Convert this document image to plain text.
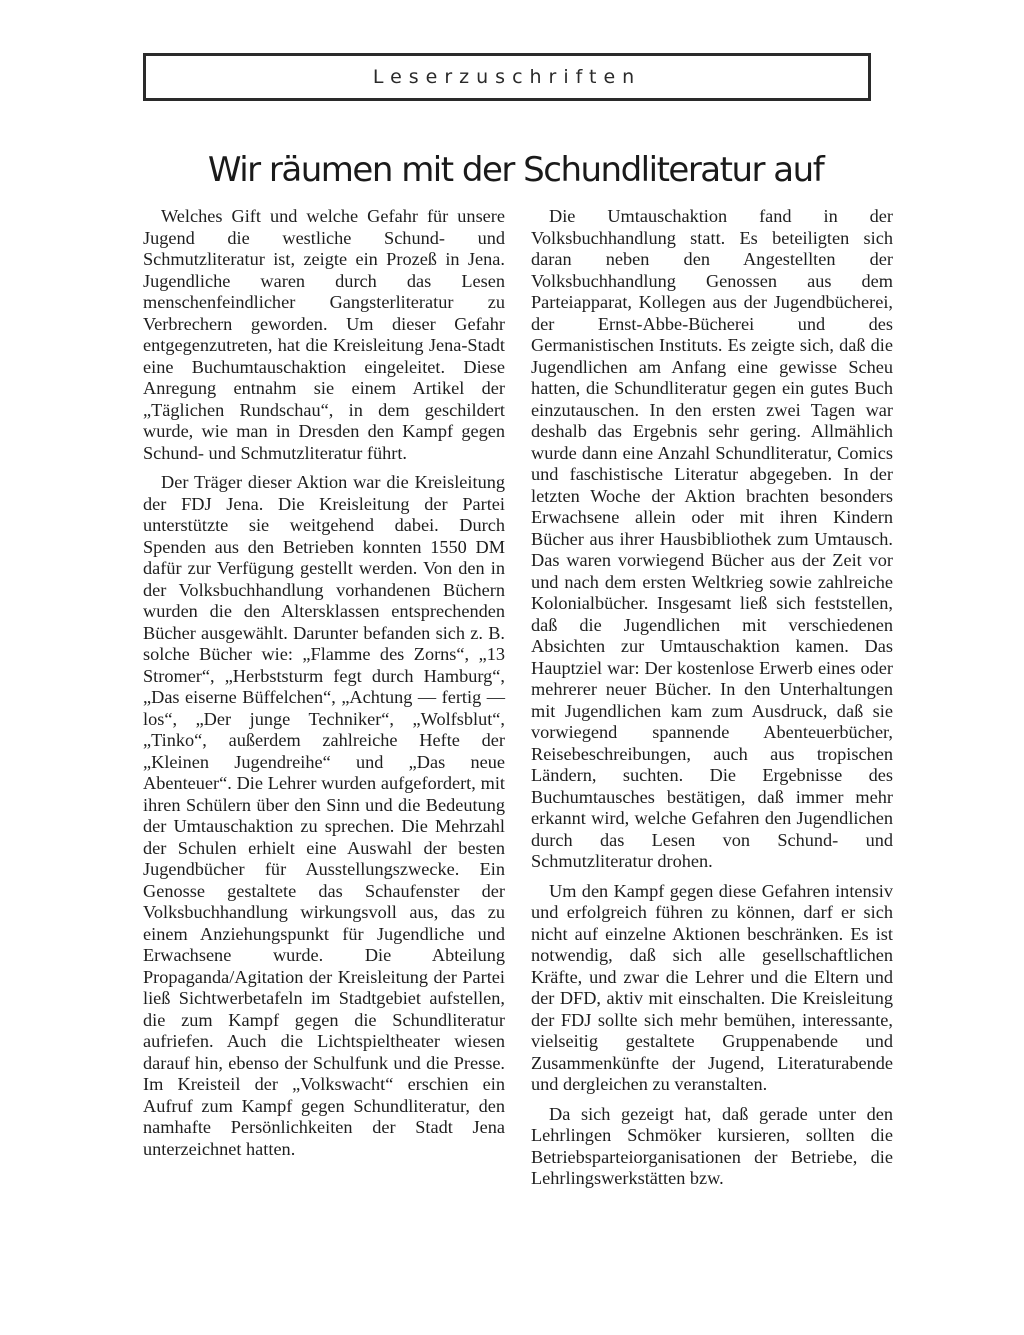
Leserzuschriften
Wir räumen mit der Schundliteratur auf

Welches Gift und welche Gefahr für unsere Jugend die westliche Schund- und Schmutzliteratur ist, zeigte ein Prozeß in Jena. Jugendliche waren durch das Lesen menschenfeindlicher Gangsterliteratur zu Verbrechern geworden. Um dieser Gefahr entgegenzutreten, hat die Kreisleitung Jena-Stadt eine Buchumtauschaktion eingeleitet. Diese Anregung entnahm sie einem Artikel der „Täglichen Rundschau“, in dem geschildert wurde, wie man in Dresden den Kampf gegen Schund- und Schmutzliteratur führt.

Der Träger dieser Aktion war die Kreisleitung der FDJ Jena. Die Kreisleitung der Partei unterstützte sie weitgehend dabei. Durch Spenden aus den Betrieben konnten 1550 DM dafür zur Verfügung gestellt werden. Von den in der Volksbuchhandlung vorhandenen Büchern wurden die den Altersklassen entsprechenden Bücher ausgewählt. Darunter befanden sich z. B. solche Bücher wie: „Flamme des Zorns“, „13 Stromer“, „Herbststurm fegt durch Hamburg“, „Das eiserne Büffelchen“, „Achtung — fertig — los“, „Der junge Techniker“, „Wolfsblut“, „Tinko“, außerdem zahlreiche Hefte der „Kleinen Jugendreihe“ und „Das neue Abenteuer“. Die Lehrer wurden aufgefordert, mit ihren Schülern über den Sinn und die Bedeutung der Umtauschaktion zu sprechen. Die Mehrzahl der Schulen erhielt eine Auswahl der besten Jugendbücher für Ausstellungszwecke. Ein Genosse gestaltete das Schaufenster der Volksbuchhandlung wirkungsvoll aus, das zu einem Anziehungspunkt für Jugendliche und Erwachsene wurde. Die Abteilung Propaganda/Agitation der Kreisleitung der Partei ließ Sichtwerbetafeln im Stadtgebiet aufstellen, die zum Kampf gegen die Schundliteratur aufriefen. Auch die Lichtspieltheater wiesen darauf hin, ebenso der Schulfunk und die Presse. Im Kreisteil der „Volkswacht“ erschien ein Aufruf zum Kampf gegen Schundliteratur, den namhafte Persönlichkeiten der Stadt Jena unterzeichnet hatten.

Die Umtauschaktion fand in der Volksbuchhandlung statt. Es beteiligten sich daran neben den Angestellten der Volksbuchhandlung Genossen aus dem Parteiapparat, Kollegen aus der Jugendbücherei, der Ernst-Abbe-Bücherei und des Germanistischen Instituts. Es zeigte sich, daß die Jugendlichen am Anfang eine gewisse Scheu hatten, die Schundliteratur gegen ein gutes Buch einzutauschen. In den ersten zwei Tagen war deshalb das Ergebnis sehr gering. Allmählich wurde dann eine Anzahl Schundliteratur, Comics und faschistische Literatur abgegeben. In der letzten Woche der Aktion brachten besonders Erwachsene allein oder mit ihren Kindern Bücher aus ihrer Hausbibliothek zum Umtausch. Das waren vorwiegend Bücher aus der Zeit vor und nach dem ersten Weltkrieg sowie zahlreiche Kolonialbücher. Insgesamt ließ sich feststellen, daß die Jugendlichen mit verschiedenen Absichten zur Umtauschaktion kamen. Das Hauptziel war: Der kostenlose Erwerb eines oder mehrerer neuer Bücher. In den Unterhaltungen mit Jugendlichen kam zum Ausdruck, daß sie vorwiegend spannende Abenteuerbücher, Reisebeschreibungen, auch aus tropischen Ländern, suchten. Die Ergebnisse des Buchumtausches bestätigen, daß immer mehr erkannt wird, welche Gefahren den Jugendlichen durch das Lesen von Schund- und Schmutzliteratur drohen.

Um den Kampf gegen diese Gefahren intensiv und erfolgreich führen zu können, darf er sich nicht auf einzelne Aktionen beschränken. Es ist notwendig, daß sich alle gesellschaftlichen Kräfte, und zwar die Lehrer und die Eltern und der DFD, aktiv mit einschalten. Die Kreisleitung der FDJ sollte sich mehr bemühen, interessante, vielseitig gestaltete Gruppenabende und Zusammenkünfte der Jugend, Literaturabende und dergleichen zu veranstalten.

Da sich gezeigt hat, daß gerade unter den Lehrlingen Schmöker kursieren, sollten die Betriebsparteiorganisationen der Betriebe, die Lehrlingswerkstätten bzw.
